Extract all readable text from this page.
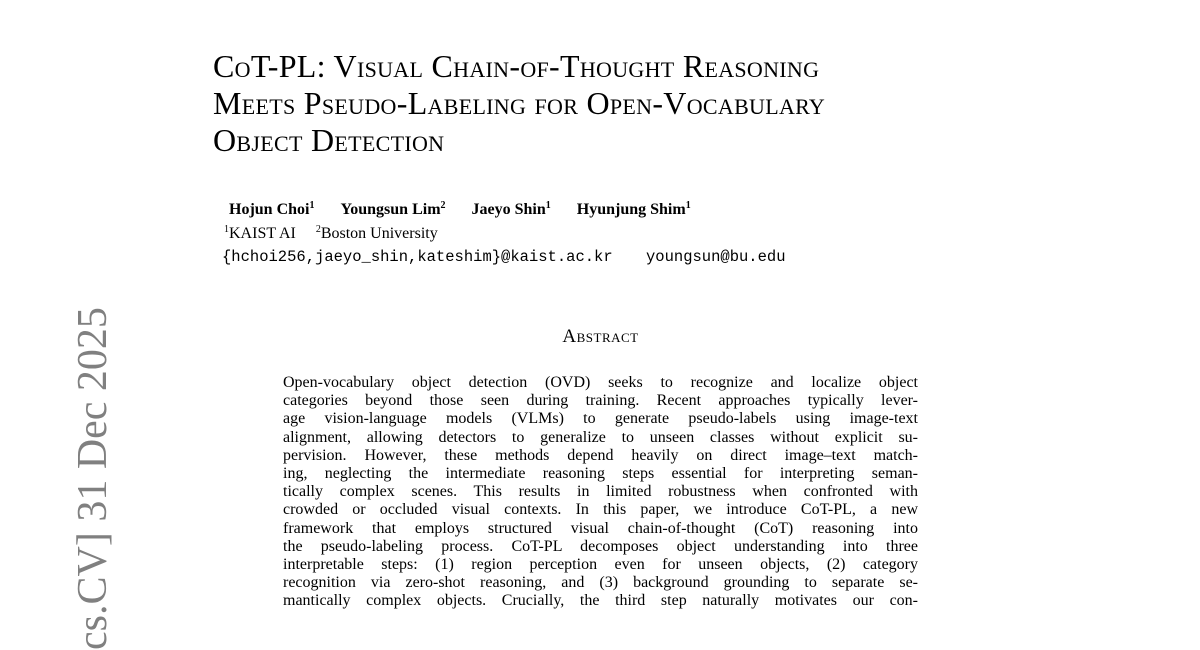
CoT-PL: Visual Chain-of-Thought Reasoning
Meets Pseudo-Labeling for Open-Vocabulary
Object Detection
Hojun Choi$^1$ Youngsun Lim$^2$ Jaeyo Shin$^1$ Hyunjung Shim$^1$
$^1$KAIST AI $^2$Boston University
{hchoi256,jaeyo_shin,kateshim}@kaist.ac.kr youngsun@bu.edu
Abstract
Open-vocabulary object detection (OVD) seeks to recognize and localize object
categories beyond those seen during training. Recent approaches typically lever-
age vision-language models (VLMs) to generate pseudo-labels using image-text
alignment, allowing detectors to generalize to unseen classes without explicit su-
pervision. However, these methods depend heavily on direct image–text match-
ing, neglecting the intermediate reasoning steps essential for interpreting seman-
tically complex scenes. This results in limited robustness when confronted with
crowded or occluded visual contexts. In this paper, we introduce CoT-PL, a new
framework that employs structured visual chain-of-thought (CoT) reasoning into
the pseudo-labeling process. CoT-PL decomposes object understanding into three
interpretable steps: (1) region perception even for unseen objects, (2) category
recognition via zero-shot reasoning, and (3) background grounding to separate se-
mantically complex objects. Crucially, the third step naturally motivates our con-
cs.CV] 31 Dec 2025
